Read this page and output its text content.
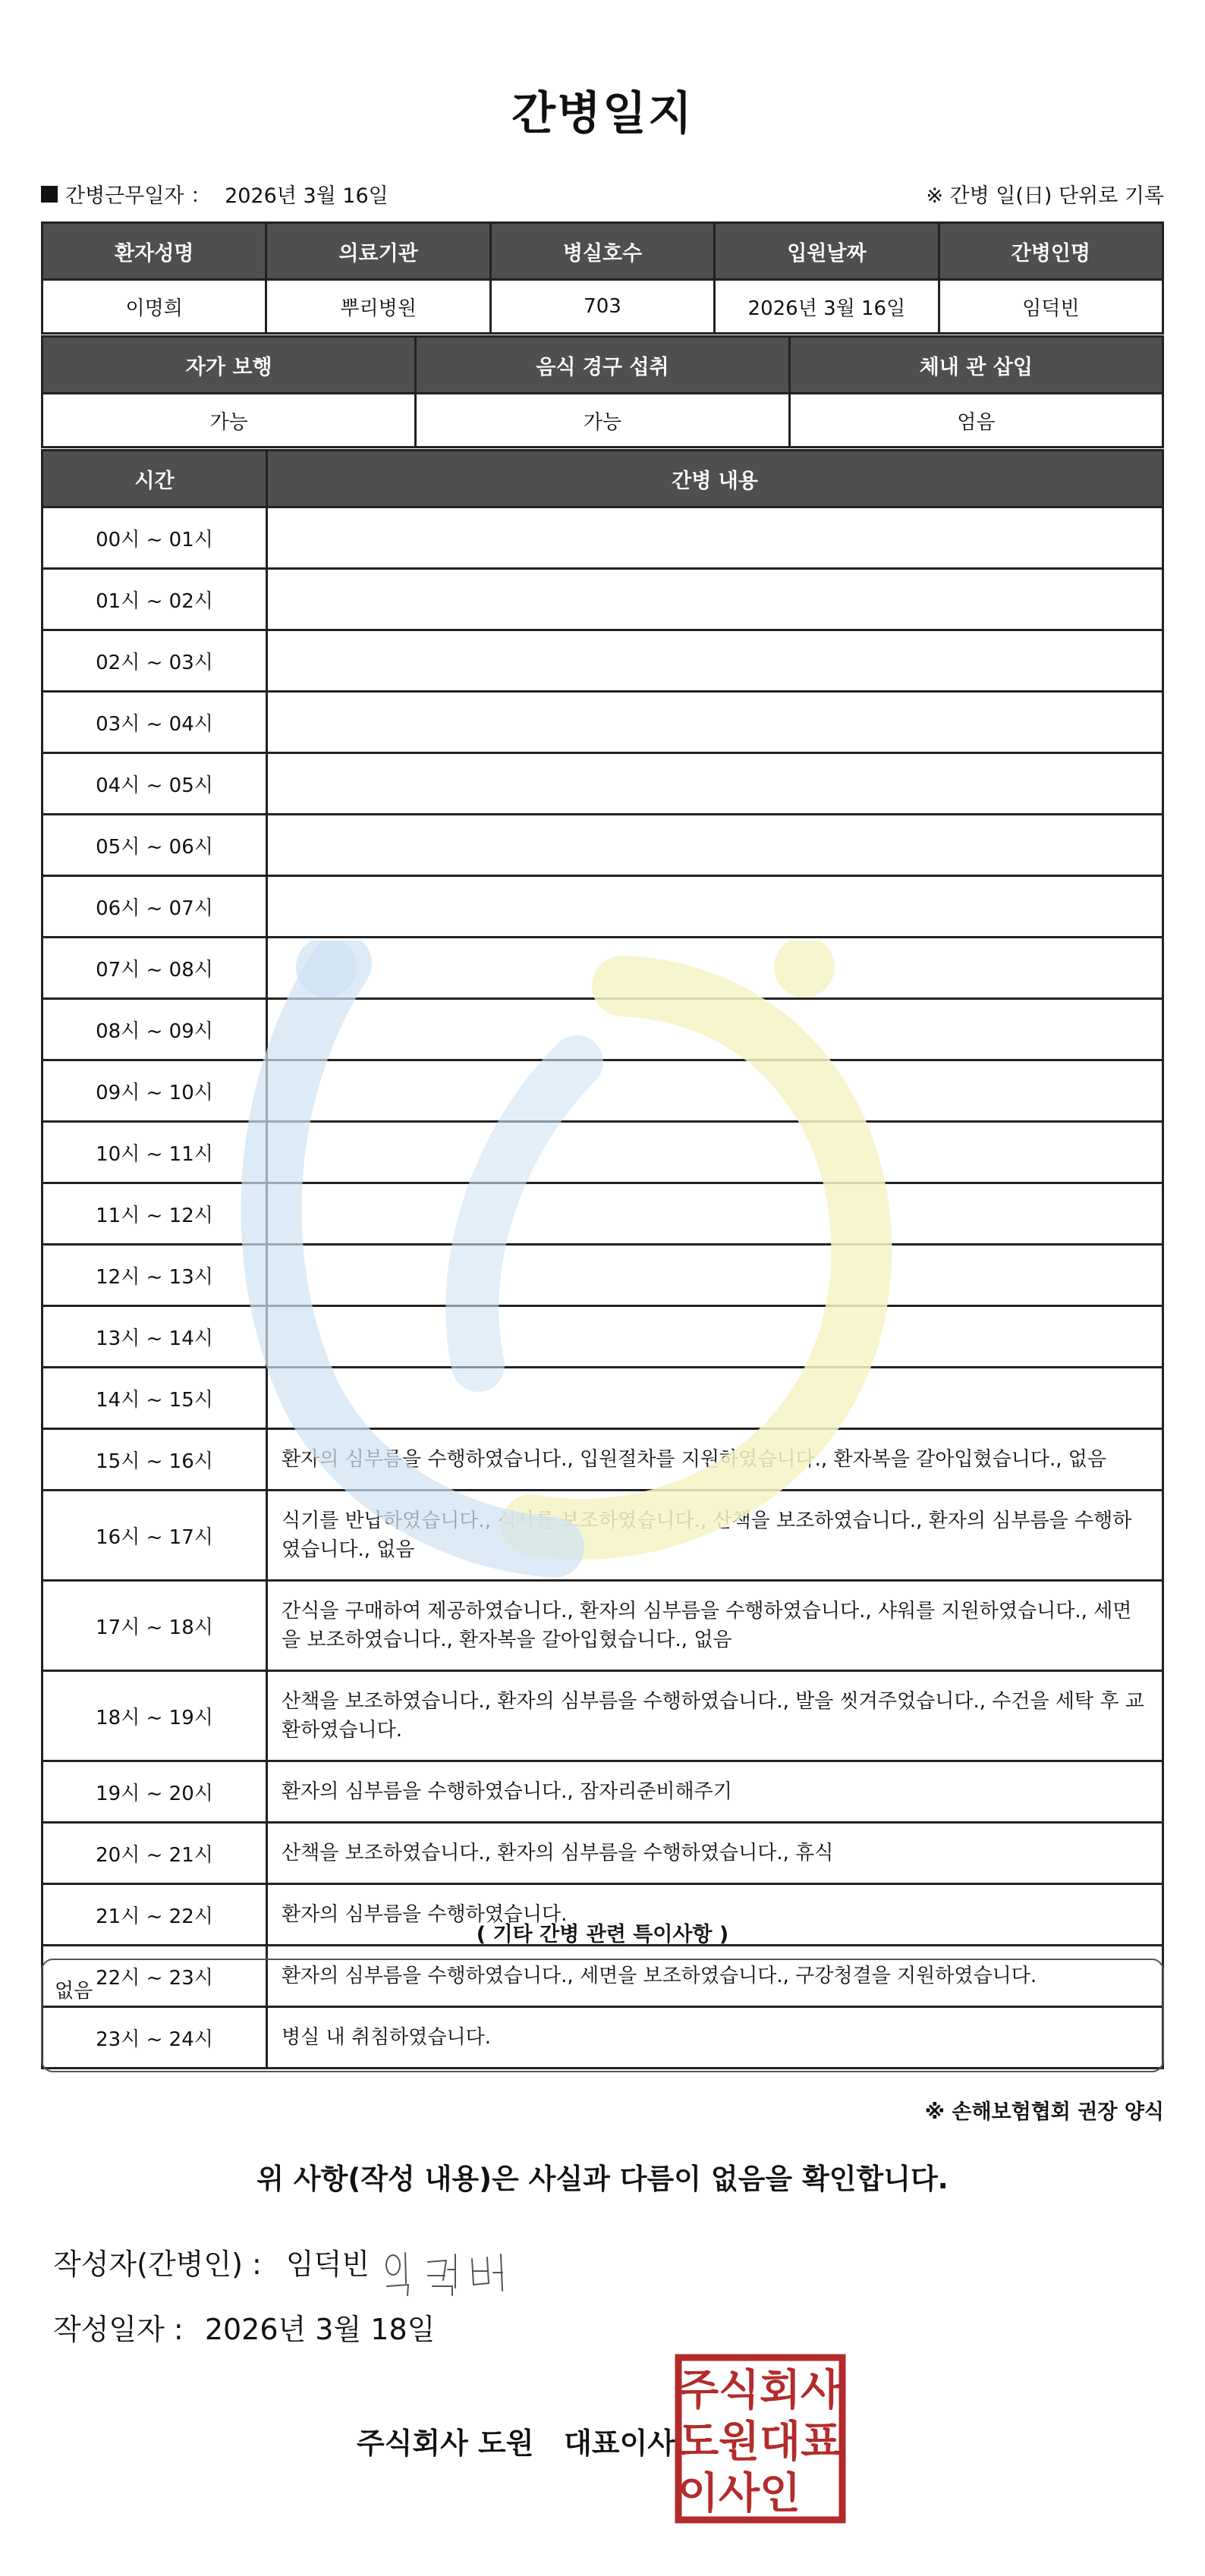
간병일지
간병근무일자 ： 2026년 3월 16일	※ 간병 일(日) 단위로 기록
환자성명	의료기관	병실호수	입원날짜	간병인명
이명희	뿌리병원	703	2026년 3월 16일	임덕빈
자가 보행	음식 경구 섭취	체내 관 삽입
가능	가능	엄음
시간	간병 내용
00시 ~ 01시	
01시 ~ 02시	
02시 ~ 03시	
03시 ~ 04시	
04시 ~ 05시	
05시 ~ 06시	
06시 ~ 07시	
07시 ~ 08시	
08시 ~ 09시	
09시 ~ 10시	
10시 ~ 11시	
11시 ~ 12시	
12시 ~ 13시	
13시 ~ 14시	
14시 ~ 15시	
15시 ~ 16시	환자의 심부름을 수행하였습니다., 입원절차를 지원하였습니다., 환자복을 갈아입혔습니다., 없음
16시 ~ 17시	식기를 반납하였습니다., 식사를 보조하였습니다., 산책을 보조하였습니다., 환자의 심부름을 수행하였습니다., 없음
17시 ~ 18시	간식을 구매하여 제공하였습니다., 환자의 심부름을 수행하였습니다., 샤워를 지원하였습니다., 세면을 보조하였습니다., 환자복을 갈아입혔습니다., 없음
18시 ~ 19시	산책을 보조하였습니다., 환자의 심부름을 수행하였습니다., 발을 씻겨주었습니다., 수건을 세탁 후 교환하였습니다.
19시 ~ 20시	환자의 심부름을 수행하였습니다., 잠자리준비해주기
20시 ~ 21시	산책을 보조하였습니다., 환자의 심부름을 수행하였습니다., 휴식
21시 ~ 22시	환자의 심부름을 수행하였습니다.
22시 ~ 23시	환자의 심부름을 수행하였습니다., 세면을 보조하였습니다., 구강청결을 지원하였습니다.
23시 ~ 24시	병실 내 취침하였습니다.
( 기타 간병 관련 특이사항 )
없음
※ 손해보험협회 권장 양식
위 사항(작성 내용)은 사실과 다름이 없음을 확인합니다.
작성자(간병인) : 임덕빈
작성일자 : 2026년 3월 18일
주식회사 도원   대표이사
주 식 회 사
도 원 대 표
이 사 인
